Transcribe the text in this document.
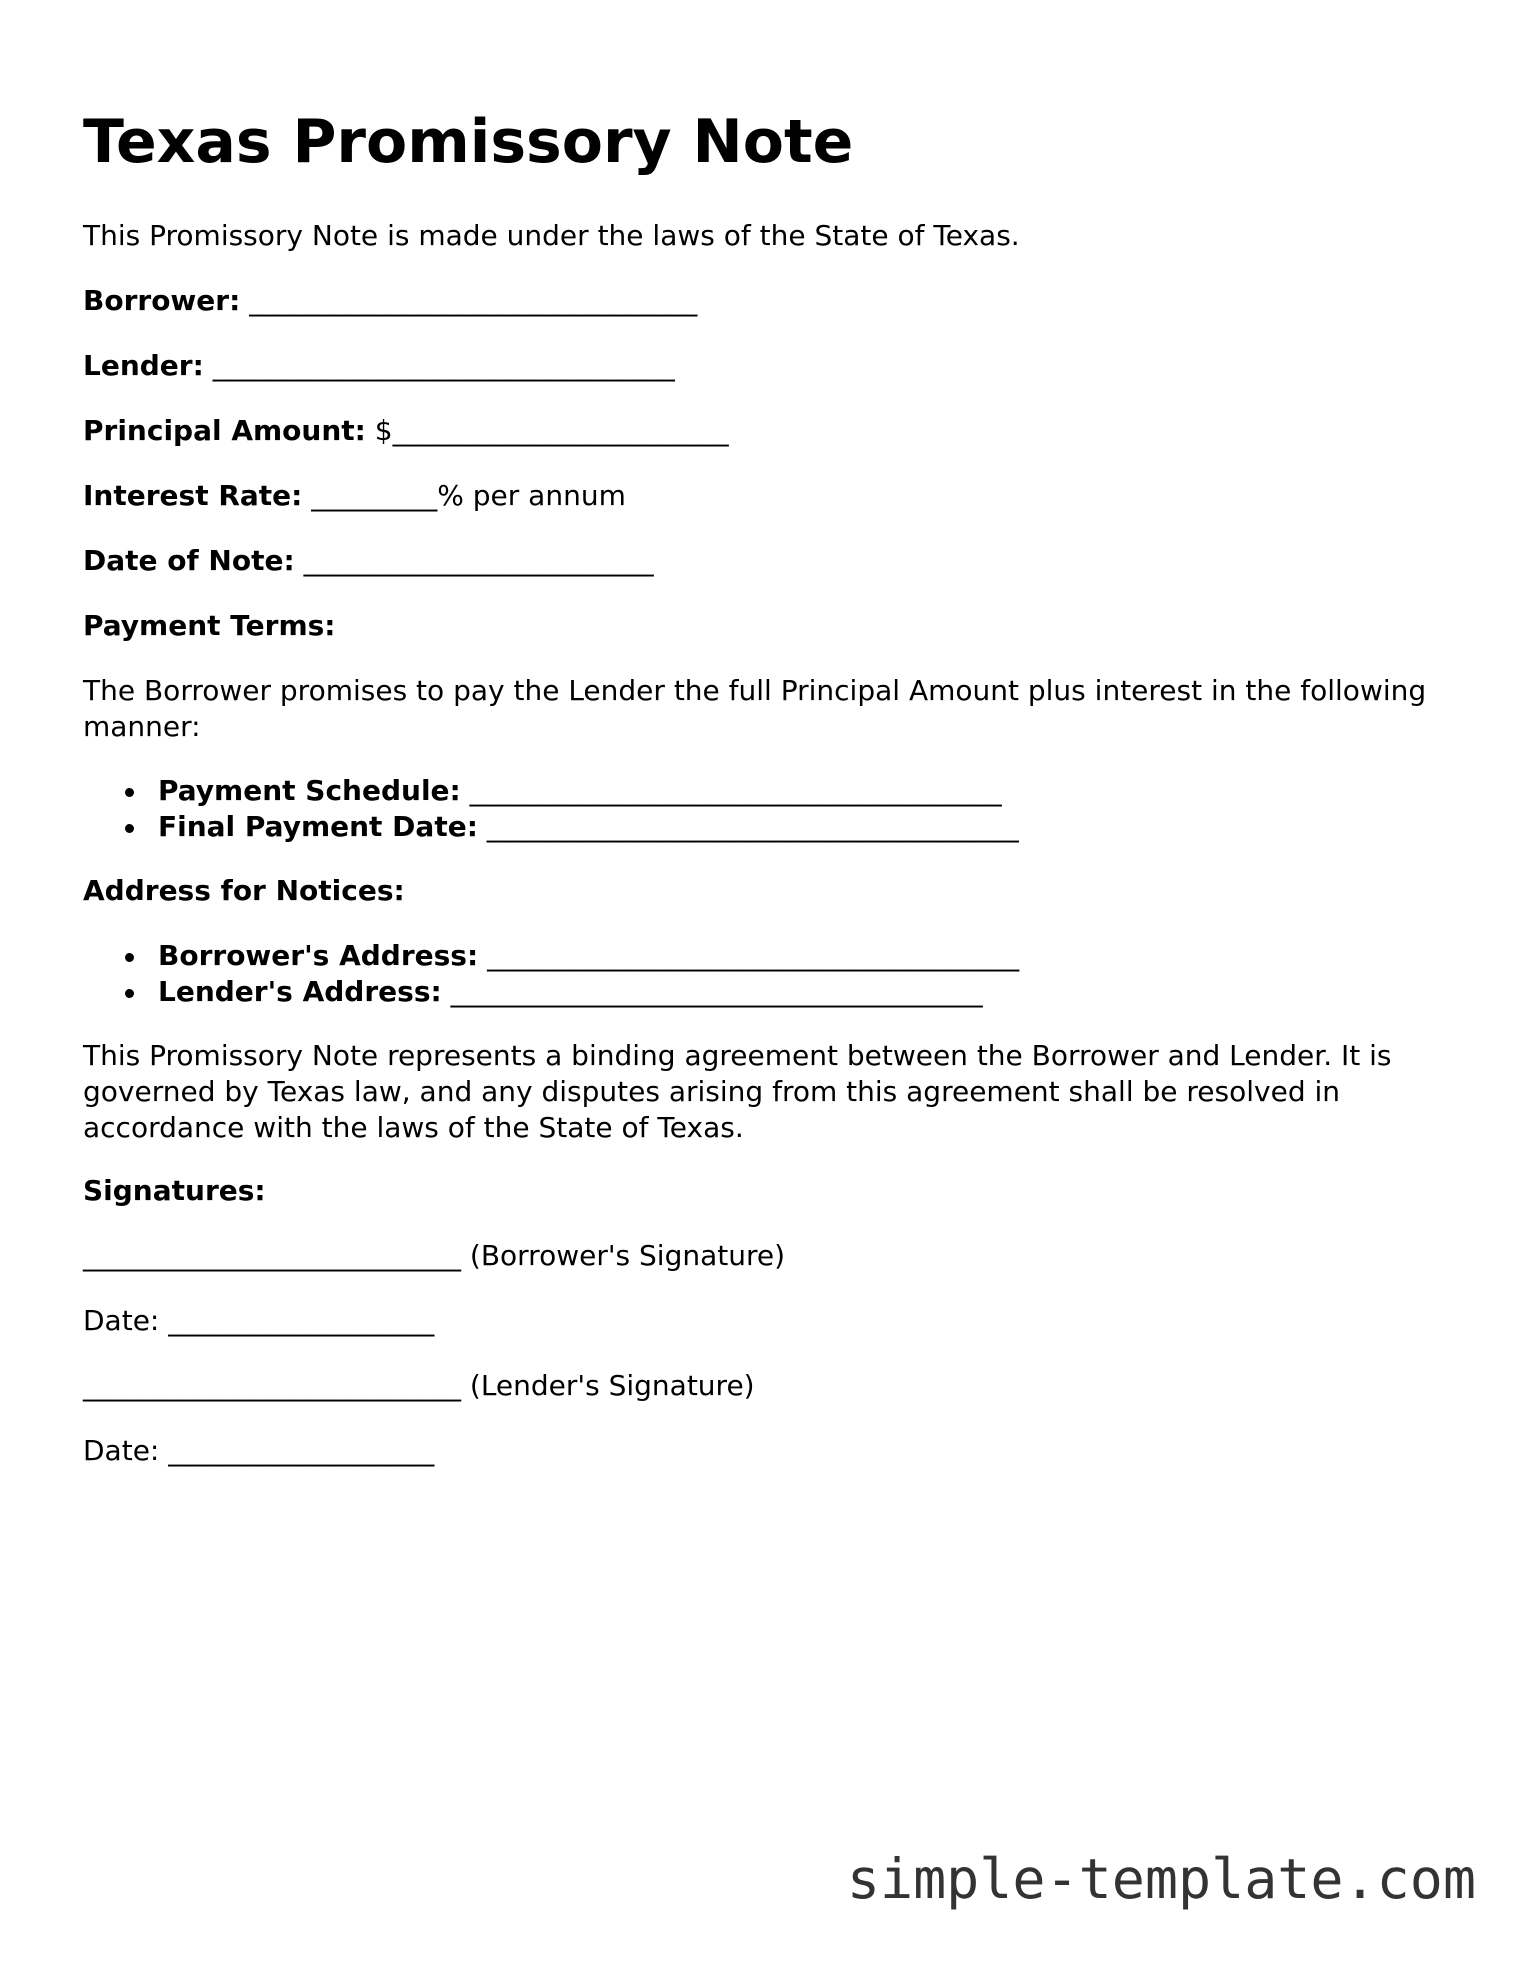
Texas Promissory Note

This Promissory Note is made under the laws of the State of Texas.

Borrower: ________________________________

Lender: _________________________________

Principal Amount: $________________________

Interest Rate: _________% per annum

Date of Note: _________________________

Payment Terms:

The Borrower promises to pay the Lender the full Principal Amount plus interest in the following manner:

Payment Schedule: ______________________________________
Final Payment Date: ______________________________________

Address for Notices:

Borrower's Address: ______________________________________
Lender's Address: ______________________________________

This Promissory Note represents a binding agreement between the Borrower and Lender. It is governed by Texas law, and any disputes arising from this agreement shall be resolved in accordance with the laws of the State of Texas.

Signatures:

___________________________ (Borrower's Signature)

Date: ___________________

___________________________ (Lender's Signature)

Date: ___________________

simple-template.com
